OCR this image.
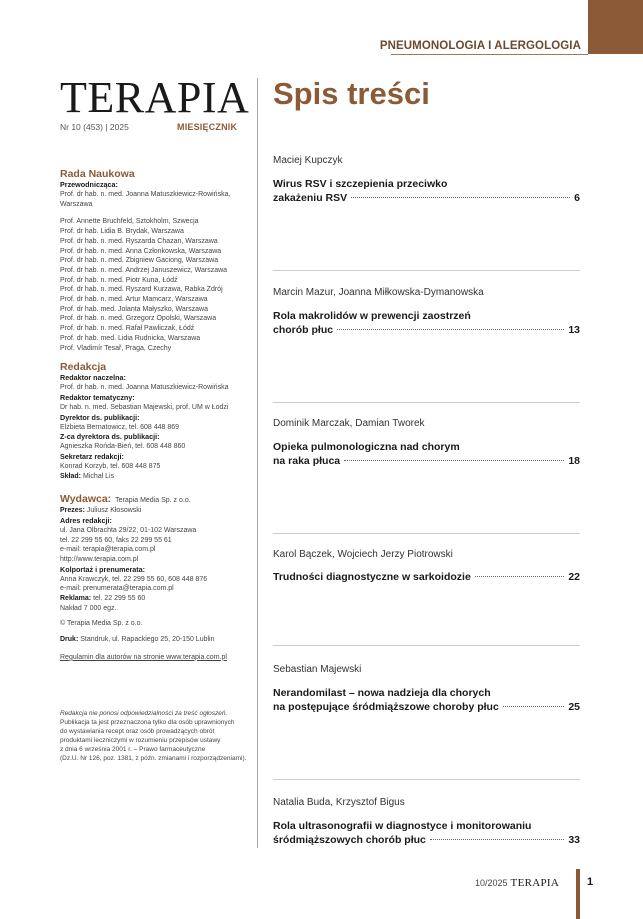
PNEUMONOLOGIA I ALERGOLOGIA
TERAPIA
Nr 10 (453) | 2025	MIESIĘCZNIK
Rada Naukowa
Przewodnicząca:
Prof. dr hab. n. med. Joanna Matuszkiewicz-Rowińska,
Warszawa
Prof. Annette Bruchfeld, Sztokholm, Szwecja
Prof. dr hab. Lidia B. Brydak, Warszawa
Prof. dr hab. n. med. Ryszarda Chazan, Warszawa
Prof. dr hab. n. med. Anna Członkowska, Warszawa
Prof. dr hab. n. med. Zbigniew Gaciong, Warszawa
Prof. dr hab. n. med. Andrzej Januszewicz, Warszawa
Prof. dr hab. n. med. Piotr Kuna, Łódź
Prof. dr hab. n. med. Ryszard Kurzawa, Rabka Zdrój
Prof. dr hab. n. med. Artur Mamcarz, Warszawa
Prof. dr hab. med. Jolanta Małyszko, Warszawa
Prof. dr hab. n. med. Grzegorz Opolski, Warszawa
Prof. dr hab. n. med. Rafał Pawliczak, Łódź
Prof. dr hab. med. Lidia Rudnicka, Warszawa
Prof. Vladimír Tesař, Praga, Czechy
Redakcja
Redaktor naczelna:
Prof. dr hab. n. med. Joanna Matuszkiewicz-Rowińska
Redaktor tematyczny:
Dr hab. n. med. Sebastian Majewski, prof. UM w Łodzi
Dyrektor ds. publikacji:
Elżbieta Bernatowicz, tel. 608 448 869
Z-ca dyrektora ds. publikacji:
Agnieszka Rońda-Bień, tel. 608 448 860
Sekretarz redakcji:
Konrad Korzyb, tel. 608 448 875
Skład: Michał Lis
Wydawca: Terapia Media Sp. z o.o.
Prezes: Juliusz Kłosowski
Adres redakcji:
ul. Jana Olbrachta 29/22, 01-102 Warszawa
tel. 22 299 55 60, faks 22 299 55 61
e-mail: terapia@terapia.com.pl
http://www.terapia.com.pl
Kolportaż i prenumerata:
Anna Krawczyk, tel. 22 299 55 60, 608 448 876
e-mail: prenumerata@terapia.com.pl
Reklama: tel. 22 299 55 60
Nakład 7 000 egz.
© Terapia Media Sp. z o.o.
Druk: Standruk, ul. Rapackiego 25, 20-150 Lublin
Regulamin dla autorów na stronie www.terapia.com.pl
Redakcja nie ponosi odpowiedzialności za treść ogłoszeń.
Publikacja ta jest przeznaczona tylko dla osób uprawnionych
do wystawiania recept oraz osób prowadzących obrót
produktami leczniczymi w rozumieniu przepisów ustawy
z dnia 6 września 2001 r. – Prawo farmaceutyczne
(Dz.U. Nr 126, poz. 1381, z późn. zmianami i rozporządzeniami).
Spis treści
Maciej Kupczyk
Wirus RSV i szczepienia przeciwko
zakażeniu RSV	6
Marcin Mazur, Joanna Miłkowska-Dymanowska
Rola makrolidów w prewencji zaostrzeń
chorób płuc	13
Dominik Marczak, Damian Tworek
Opieka pulmonologiczna nad chorym
na raka płuca	18
Karol Bączek, Wojciech Jerzy Piotrowski
Trudności diagnostyczne w sarkoidozie	22
Sebastian Majewski
Nerandomilast – nowa nadzieja dla chorych
na postępujące śródmiąższowe choroby płuc	25
Natalia Buda, Krzysztof Bigus
Rola ultrasonografii w diagnostyce i monitorowaniu
śródmiąższowych chorób płuc	33
10/2025 TERAPIA	1
